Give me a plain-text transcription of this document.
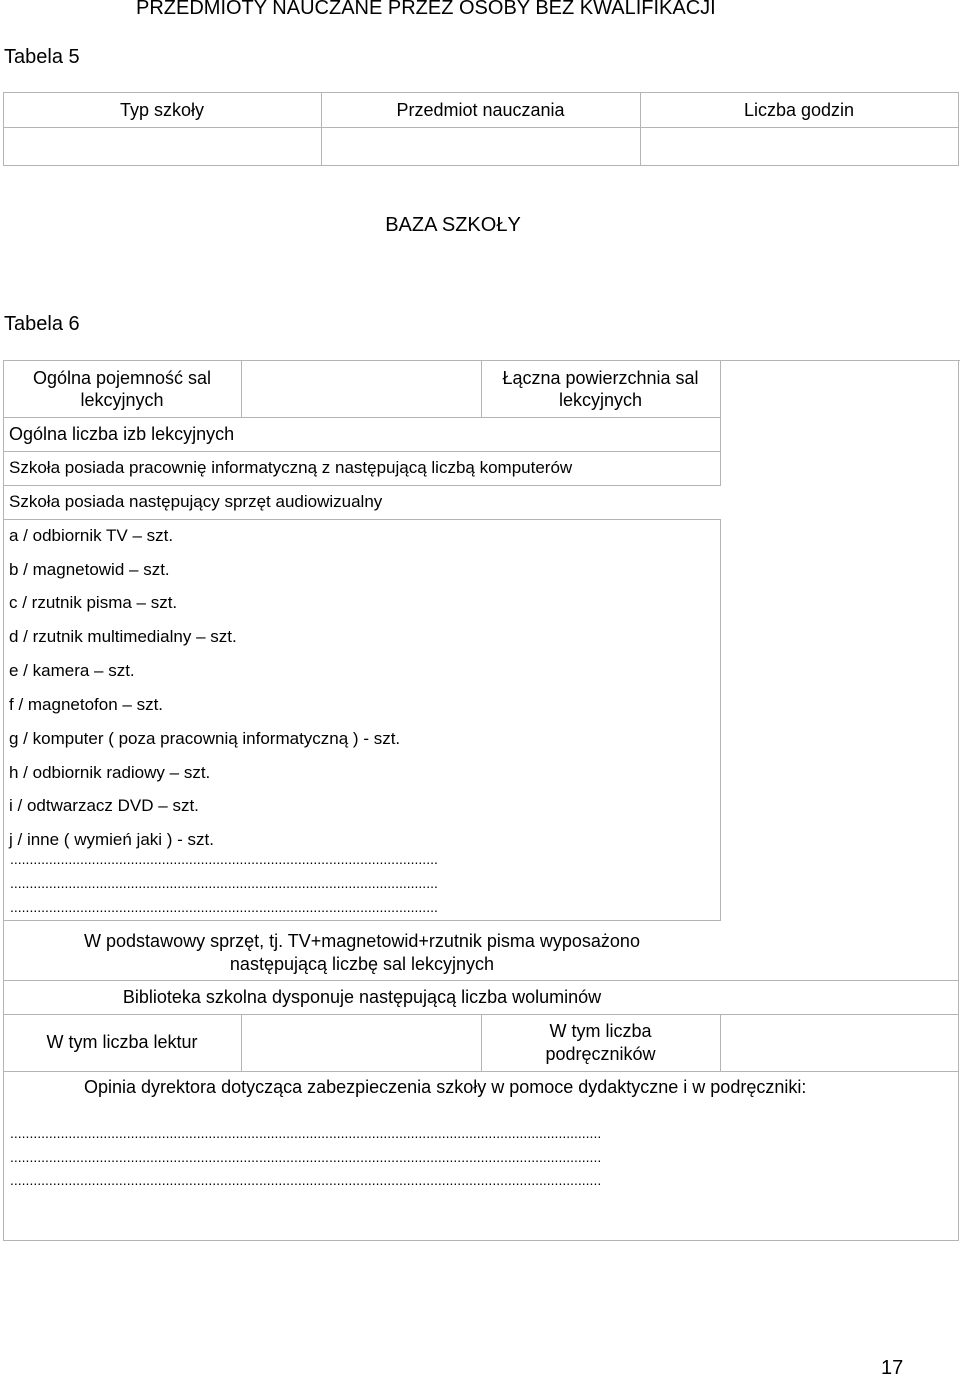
PRZEDMIOTY NAUCZANE PRZEZ OSOBY BEZ KWALIFIKACJI
Tabela 5
Typ szkoły	Przedmiot nauczania	Liczba godzin
BAZA SZKOŁY
Tabela 6
Ogólna pojemność sal
lekcyjnych
Łączna powierzchnia sal
lekcyjnych
Ogólna liczba izb lekcyjnych
Szkoła posiada pracownię informatyczną z następującą liczbą komputerów
Szkoła posiada następujący sprzęt audiowizualny
a / odbiornik TV – szt.
b / magnetowid – szt.
c / rzutnik pisma – szt.
d / rzutnik multimedialny – szt.
e / kamera – szt.
f / magnetofon – szt.
g / komputer ( poza pracownią informatyczną ) - szt.
h / odbiornik radiowy – szt.
i / odtwarzacz DVD – szt.
j / inne ( wymień jaki ) - szt.
..............................................................................................................
..............................................................................................................
..............................................................................................................
W podstawowy sprzęt, tj. TV+magnetowid+rzutnik pisma wyposażono
następującą liczbę sal lekcyjnych
Biblioteka szkolna dysponuje następującą liczba woluminów
W tym liczba lektur
W tym liczba
podręczników
Opinia dyrektora dotycząca zabezpieczenia szkoły w pomoce dydaktyczne i w podręczniki:
........................................................................................................................................................
........................................................................................................................................................
........................................................................................................................................................
17
